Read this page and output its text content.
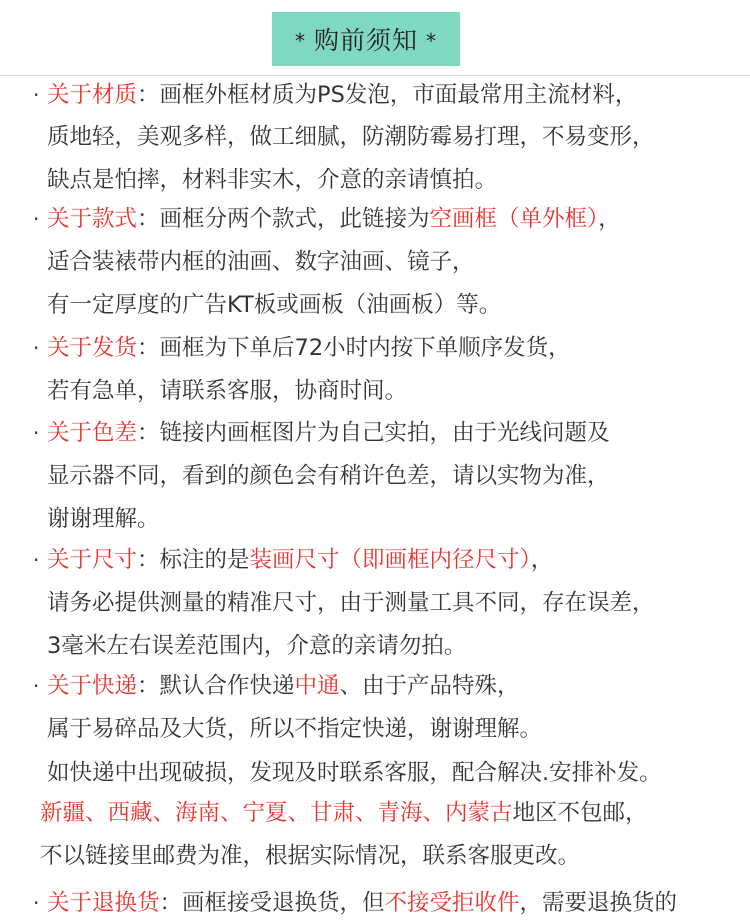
* 购前须知 *
· 关于材质：画框外框材质为PS发泡，市面最常用主流材料，
质地轻，美观多样，做工细腻，防潮防霉易打理，不易变形，
缺点是怕摔，材料非实木，介意的亲请慎拍。
· 关于款式：画框分两个款式，此链接为空画框（单外框），
适合装裱带内框的油画、数字油画、镜子，
有一定厚度的广告KT板或画板（油画板）等。
· 关于发货：画框为下单后72小时内按下单顺序发货，
若有急单，请联系客服，协商时间。
· 关于色差：链接内画框图片为自己实拍，由于光线问题及
显示器不同，看到的颜色会有稍许色差，请以实物为准，
谢谢理解。
· 关于尺寸：标注的是装画尺寸（即画框内径尺寸），
请务必提供测量的精准尺寸，由于测量工具不同，存在误差，
3毫米左右误差范围内，介意的亲请勿拍。
· 关于快递：默认合作快递中通、由于产品特殊，
属于易碎品及大货，所以不指定快递，谢谢理解。
如快递中出现破损，发现及时联系客服，配合解决.安排补发。
新疆、西藏、海南、宁夏、甘肃、青海、内蒙古地区不包邮，
不以链接里邮费为准，根据实际情况，联系客服更改。
· 关于退换货：画框接受退换货，但不接受拒收件，需要退换货的
